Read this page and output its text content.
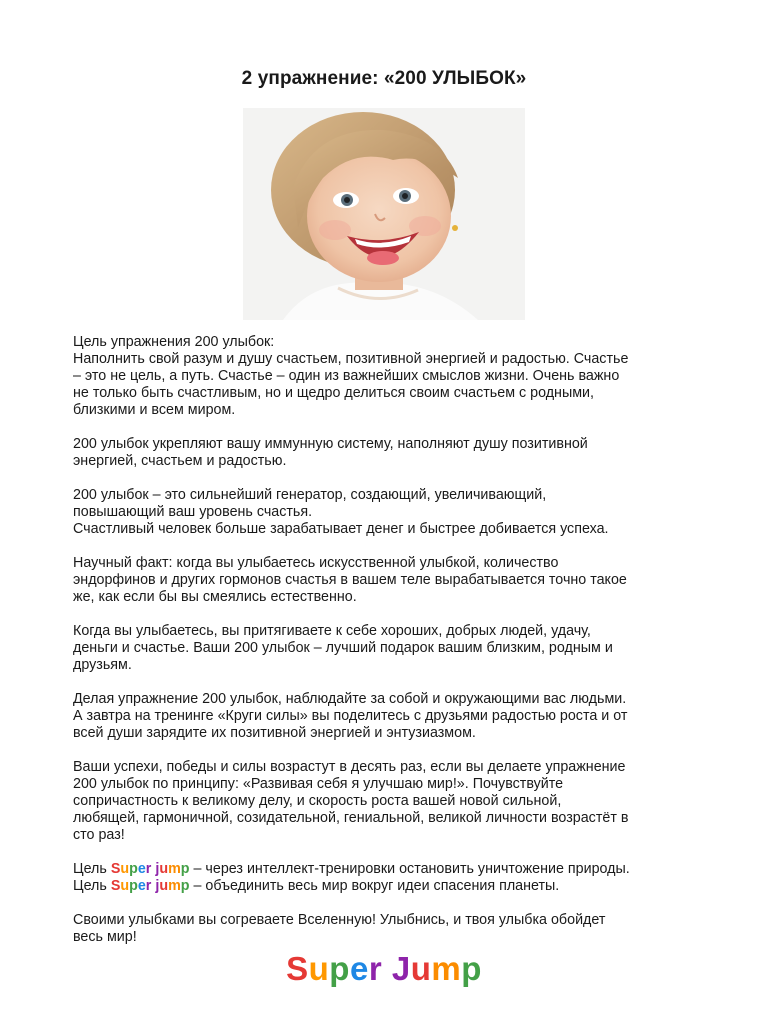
2 упражнение: «200 УЛЫБОК»

Цель упражнения 200 улыбок:
Наполнить свой разум и душу счастьем, позитивной энергией и радостью. Счастье
– это не цель, а путь. Счастье – один из важнейших смыслов жизни. Очень важно
не только быть счастливым, но и щедро делиться своим счастьем с родными,
близкими и всем миром.

200 улыбок укрепляют вашу иммунную систему, наполняют душу позитивной
энергией, счастьем и радостью.

200 улыбок – это сильнейший генератор, создающий, увеличивающий,
повышающий ваш уровень счастья.
Счастливый человек больше зарабатывает денег и быстрее добивается успеха.

Научный факт: когда вы улыбаетесь искусственной улыбкой, количество
эндорфинов и других гормонов счастья в вашем теле вырабатывается точно такое
же, как если бы вы смеялись естественно.

Когда вы улыбаетесь, вы притягиваете к себе хороших, добрых людей, удачу,
деньги и счастье. Ваши 200 улыбок – лучший подарок вашим близким, родным и
друзьям.

Делая упражнение 200 улыбок, наблюдайте за собой и окружающими вас людьми.
А завтра на тренинге «Круги силы» вы поделитесь с друзьями радостью роста и от
всей души зарядите их позитивной энергией и энтузиазмом.

Ваши успехи, победы и силы возрастут в десять раз, если вы делаете упражнение
200 улыбок по принципу: «Развивая себя я улучшаю мир!». Почувствуйте
сопричастность к великому делу, и скорость роста вашей новой сильной,
любящей, гармоничной, созидательной, гениальной, великой личности возрастёт в
сто раз!

Цель Super jump – через интеллект-тренировки остановить уничтожение природы.
Цель Super jump – объединить весь мир вокруг идеи спасения планеты.

Своими улыбками вы согреваете Вселенную! Улыбнись, и твоя улыбка обойдет
весь мир!

Super Jump
